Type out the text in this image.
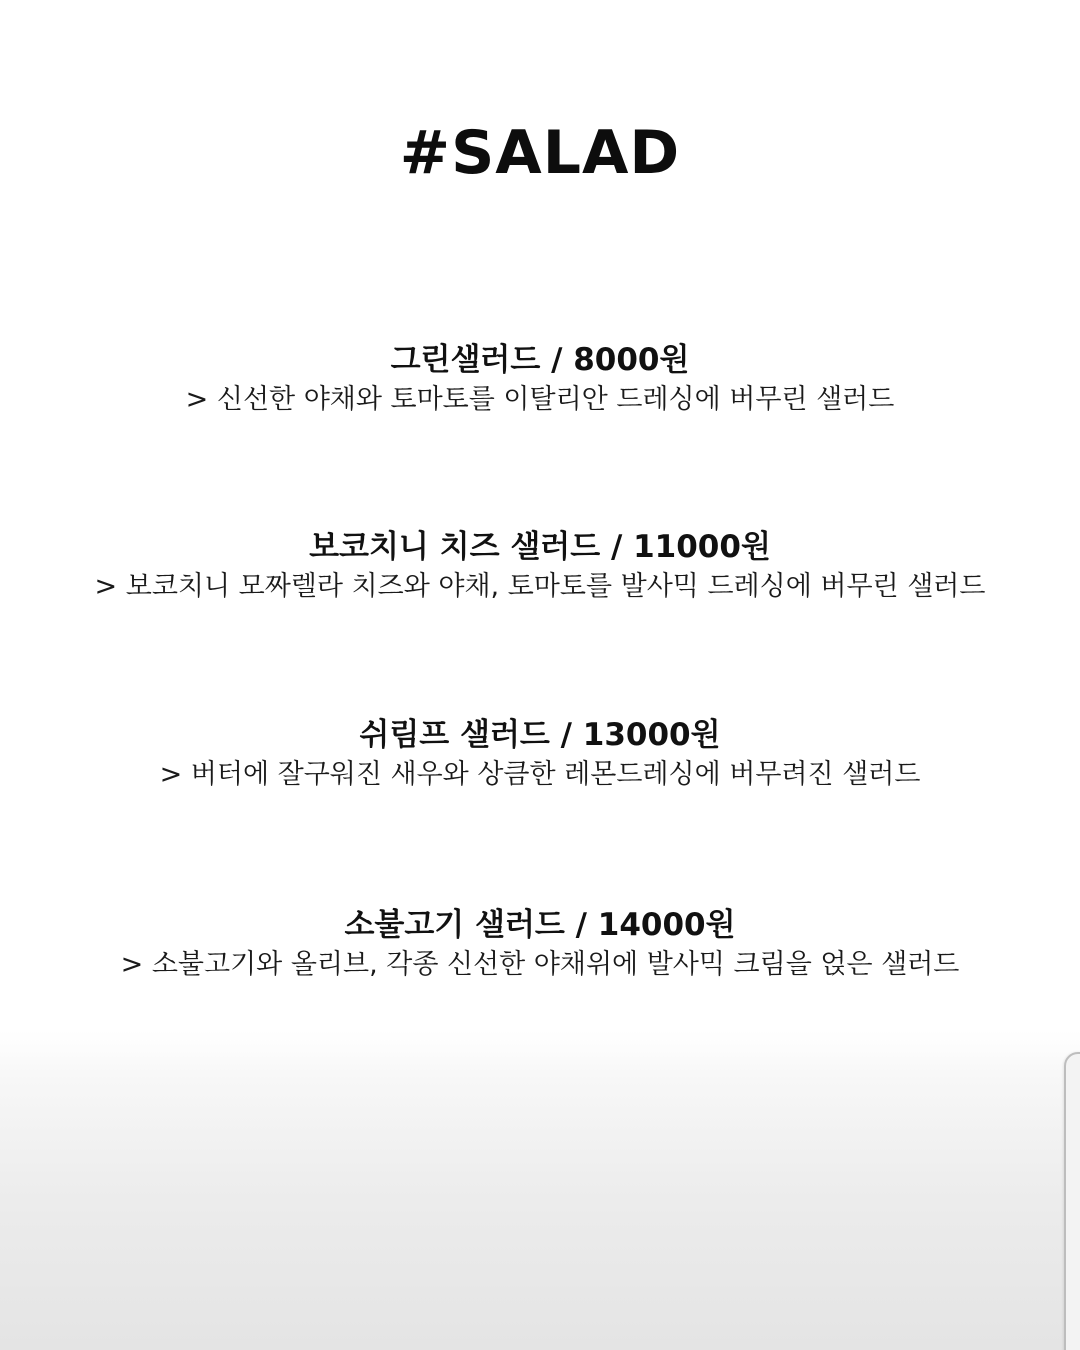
#SALAD
그린샐러드 / 8000원
> 신선한 야채와 토마토를 이탈리안 드레싱에 버무린 샐러드
보코치니 치즈 샐러드 / 11000원
> 보코치니 모짜렐라 치즈와 야채, 토마토를 발사믹 드레싱에 버무린 샐러드
쉬림프 샐러드 / 13000원
> 버터에 잘구워진 새우와 상큼한 레몬드레싱에 버무려진 샐러드
소불고기 샐러드 / 14000원
> 소불고기와 올리브, 각종 신선한 야채위에 발사믹 크림을 얹은 샐러드
